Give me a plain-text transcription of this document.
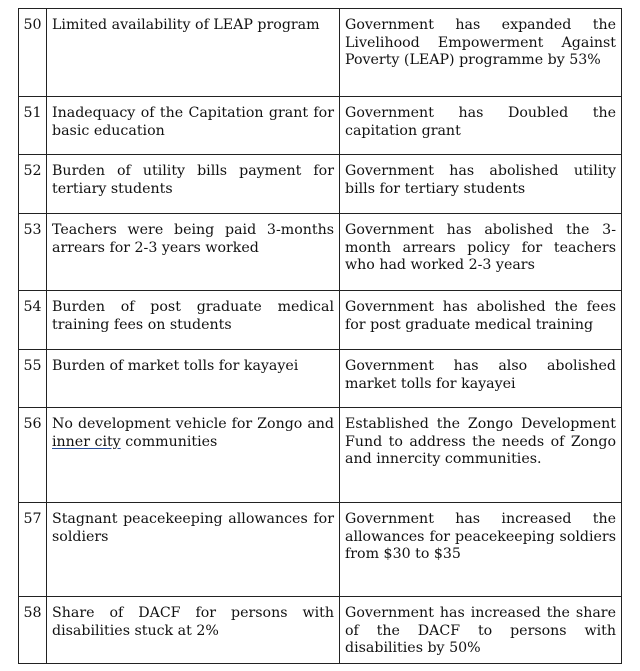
50	Limited availability of LEAP program	Government has expanded the Livelihood Empowerment Against Poverty (LEAP) programme by 53%
51	Inadequacy of the Capitation grant for basic education	Government has Doubled the capitation grant
52	Burden of utility bills payment for tertiary students	Government has abolished utility bills for tertiary students
53	Teachers were being paid 3-months arrears for 2-3 years worked	Government has abolished the 3-month arrears policy for teachers who had worked 2-3 years
54	Burden of post graduate medical training fees on students	Government has abolished the fees for post graduate medical training
55	Burden of market tolls for kayayei	Government has also abolished market tolls for kayayei
56	No development vehicle for Zongo and inner city communities	Established the Zongo Development Fund to address the needs of Zongo and innercity communities.
57	Stagnant peacekeeping allowances for soldiers	Government has increased the allowances for peacekeeping soldiers from $30 to $35
58	Share of DACF for persons with disabilities stuck at 2%	Government has increased the share of the DACF to persons with disabilities by 50%
